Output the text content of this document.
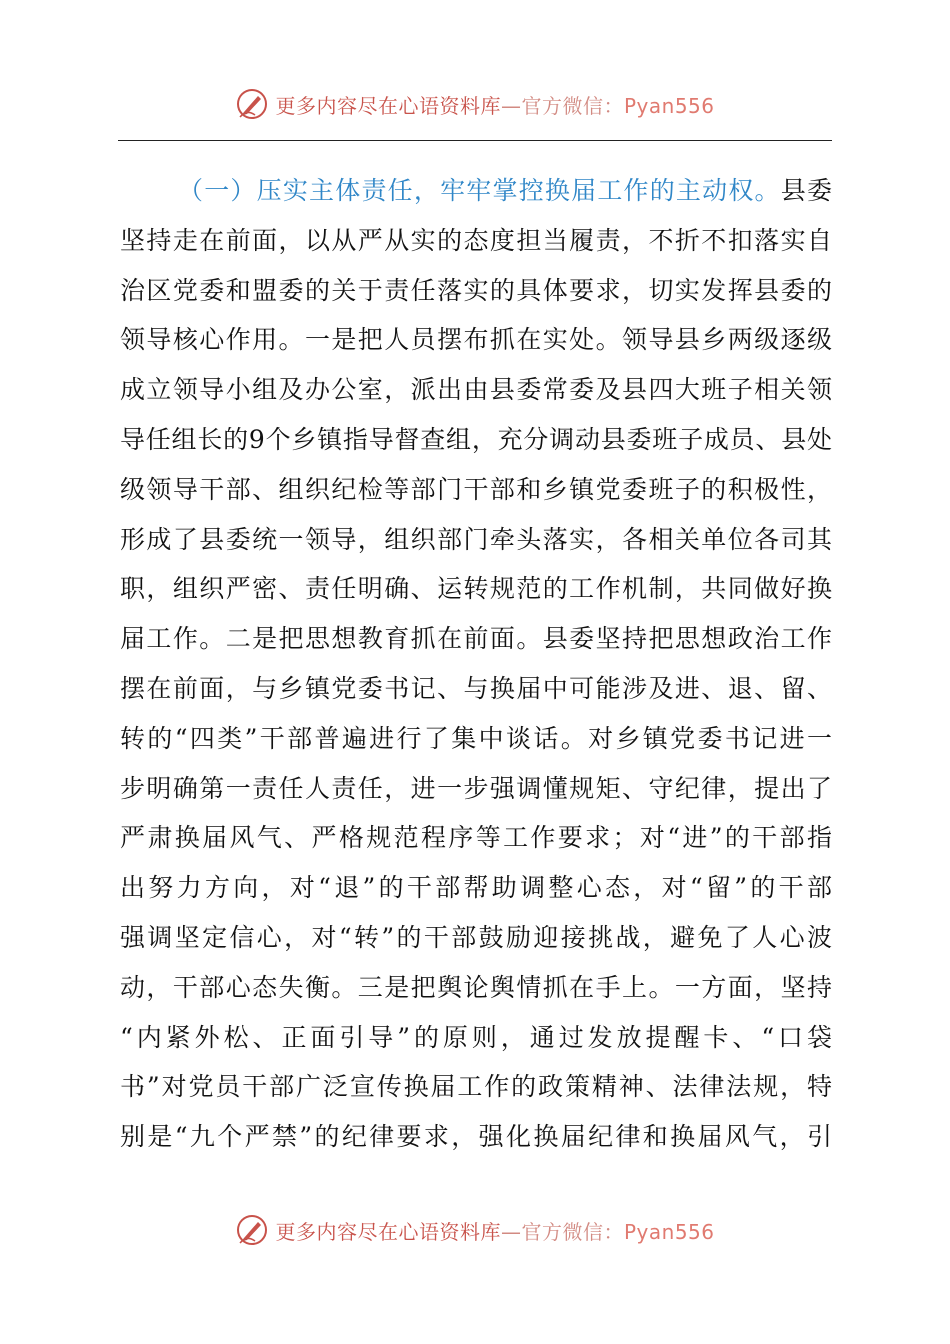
更多内容尽在心语资料库—官方微信：Pyan556
（一）压实主体责任，牢牢掌控换届工作的主动权。县委
坚持走在前面，以从严从实的态度担当履责，不折不扣落实自
治区党委和盟委的关于责任落实的具体要求，切实发挥县委的
领导核心作用。一是把人员摆布抓在实处。领导县乡两级逐级
成立领导小组及办公室，派出由县委常委及县四大班子相关领
导任组长的9个乡镇指导督查组，充分调动县委班子成员、县处
级领导干部、组织纪检等部门干部和乡镇党委班子的积极性，
形成了县委统一领导，组织部门牵头落实，各相关单位各司其
职，组织严密、责任明确、运转规范的工作机制，共同做好换
届工作。二是把思想教育抓在前面。县委坚持把思想政治工作
摆在前面，与乡镇党委书记、与换届中可能涉及进、退、留、
转的“四类”干部普遍进行了集中谈话。对乡镇党委书记进一
步明确第一责任人责任，进一步强调懂规矩、守纪律，提出了
严肃换届风气、严格规范程序等工作要求；对“进”的干部指
出努力方向，对“退”的干部帮助调整心态，对“留”的干部
强调坚定信心，对“转”的干部鼓励迎接挑战，避免了人心波
动，干部心态失衡。三是把舆论舆情抓在手上。一方面，坚持
“内紧外松、正面引导”的原则，通过发放提醒卡、“口袋
书”对党员干部广泛宣传换届工作的政策精神、法律法规，特
别是“九个严禁”的纪律要求，强化换届纪律和换届风气，引
更多内容尽在心语资料库—官方微信：Pyan556
